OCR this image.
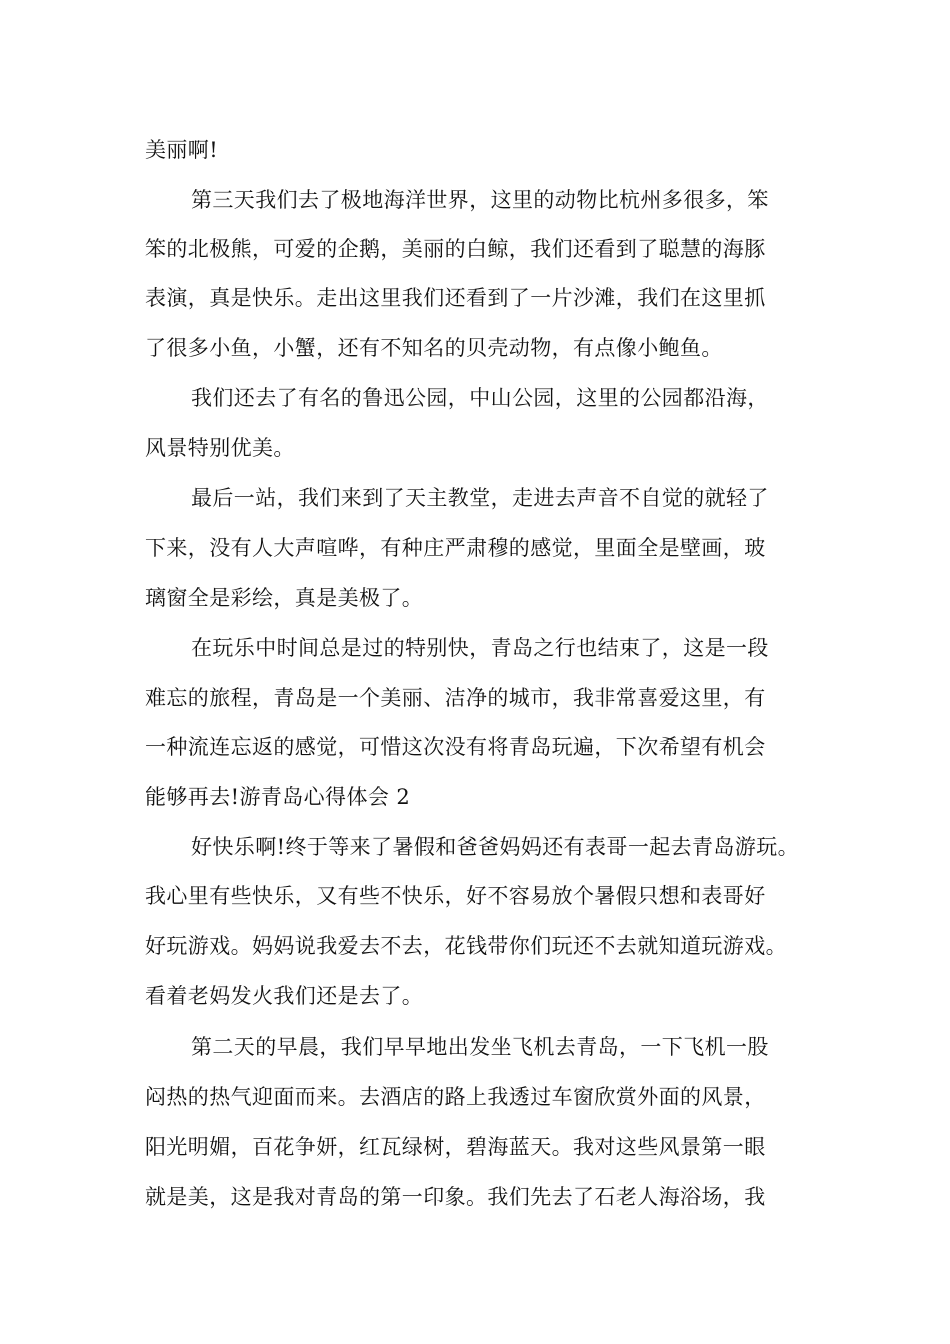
美丽啊!
第三天我们去了极地海洋世界，这里的动物比杭州多很多，笨
笨的北极熊，可爱的企鹅，美丽的白鲸，我们还看到了聪慧的海豚
表演，真是快乐。走出这里我们还看到了一片沙滩，我们在这里抓
了很多小鱼，小蟹，还有不知名的贝壳动物，有点像小鲍鱼。
我们还去了有名的鲁迅公园，中山公园，这里的公园都沿海，
风景特别优美。
最后一站，我们来到了天主教堂，走进去声音不自觉的就轻了
下来，没有人大声喧哗，有种庄严肃穆的感觉，里面全是壁画，玻
璃窗全是彩绘，真是美极了。
在玩乐中时间总是过的特别快，青岛之行也结束了，这是一段
难忘的旅程，青岛是一个美丽、洁净的城市，我非常喜爱这里，有
一种流连忘返的感觉，可惜这次没有将青岛玩遍，下次希望有机会
能够再去!游青岛心得体会 2
好快乐啊!终于等来了暑假和爸爸妈妈还有表哥一起去青岛游玩。
我心里有些快乐，又有些不快乐，好不容易放个暑假只想和表哥好
好玩游戏。妈妈说我爱去不去，花钱带你们玩还不去就知道玩游戏。
看着老妈发火我们还是去了。
第二天的早晨，我们早早地出发坐飞机去青岛，一下飞机一股
闷热的热气迎面而来。去酒店的路上我透过车窗欣赏外面的风景，
阳光明媚，百花争妍，红瓦绿树，碧海蓝天。我对这些风景第一眼
就是美，这是我对青岛的第一印象。我们先去了石老人海浴场，我
